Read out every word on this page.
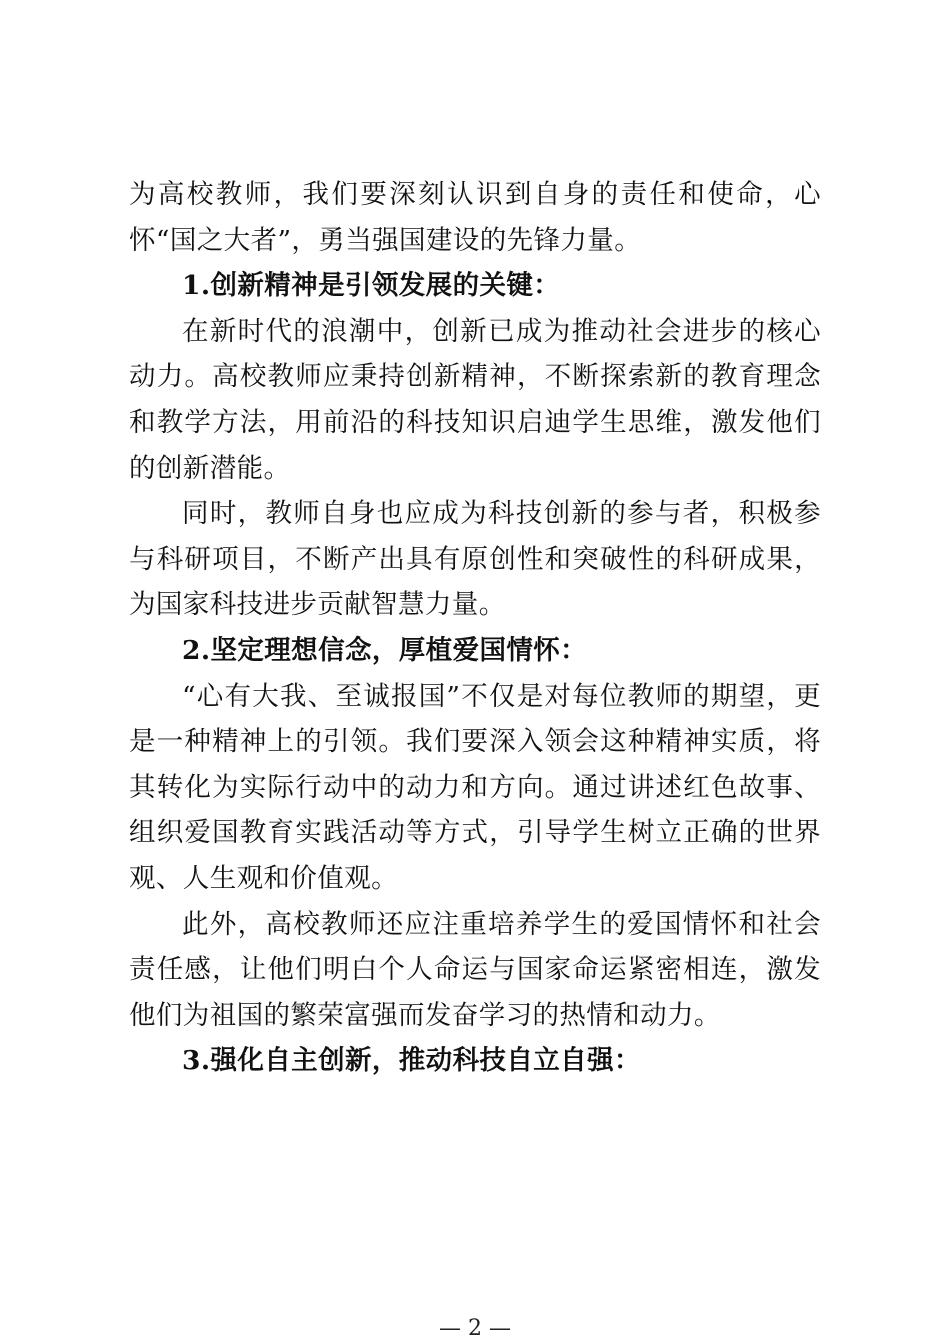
为高校教师，我们要深刻认识到自身的责任和使命，心怀“国之大者”，勇当强国建设的先锋力量。

1.创新精神是引领发展的关键：

在新时代的浪潮中，创新已成为推动社会进步的核心动力。高校教师应秉持创新精神，不断探索新的教育理念和教学方法，用前沿的科技知识启迪学生思维，激发他们的创新潜能。

同时，教师自身也应成为科技创新的参与者，积极参与科研项目，不断产出具有原创性和突破性的科研成果，为国家科技进步贡献智慧力量。

2.坚定理想信念，厚植爱国情怀：

“心有大我、至诚报国”不仅是对每位教师的期望，更是一种精神上的引领。我们要深入领会这种精神实质，将其转化为实际行动中的动力和方向。通过讲述红色故事、组织爱国教育实践活动等方式，引导学生树立正确的世界观、人生观和价值观。

此外，高校教师还应注重培养学生的爱国情怀和社会责任感，让他们明白个人命运与国家命运紧密相连，激发他们为祖国的繁荣富强而发奋学习的热情和动力。

3.强化自主创新，推动科技自立自强：

— 2 —
